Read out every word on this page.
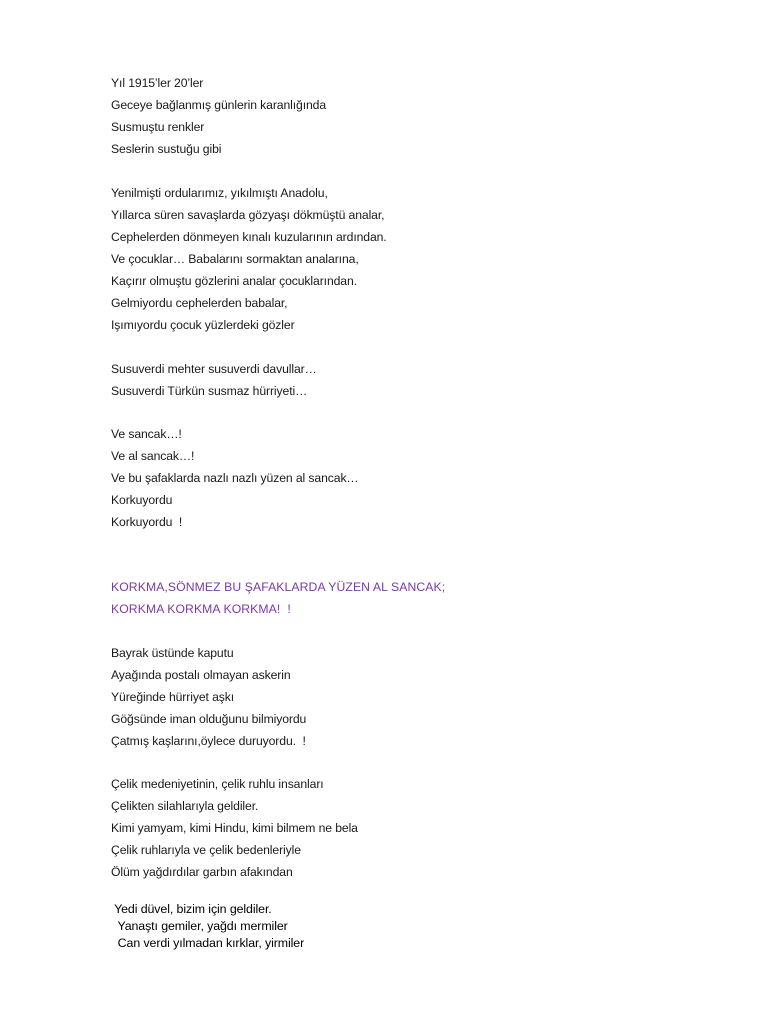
Yıl 1915’ler 20’ler
Geceye bağlanmış günlerin karanlığında
Susmuştu renkler
Seslerin sustuğu gibi
Yenilmişti ordularımız, yıkılmıştı Anadolu,
Yıllarca süren savaşlarda gözyaşı dökmüştü analar,
Cephelerden dönmeyen kınalı kuzularının ardından.
Ve çocuklar… Babalarını sormaktan analarına,
Kaçırır olmuştu gözlerini analar çocuklarından.
Gelmiyordu cephelerden babalar,
Işımıyordu çocuk yüzlerdeki gözler
Susuverdi mehter susuverdi davullar…
Susuverdi Türkün susmaz hürriyeti…
Ve sancak…!
Ve al sancak…!
Ve bu şafaklarda nazlı nazlı yüzen al sancak…
Korkuyordu
Korkuyordu  !
KORKMA,SÖNMEZ BU ŞAFAKLARDA YÜZEN AL SANCAK;
KORKMA KORKMA KORKMA!  !
Bayrak üstünde kaputu
Ayağında postalı olmayan askerin
Yüreğinde hürriyet aşkı
Göğsünde iman olduğunu bilmiyordu
Çatmış kaşlarını,öylece duruyordu.  !
Çelik medeniyetinin, çelik ruhlu insanları
Çelikten silahlarıyla geldiler.
Kimi yamyam, kimi Hindu, kimi bilmem ne bela
Çelik ruhlarıyla ve çelik bedenleriyle
Ölüm yağdırdılar garbın afakından
Yedi düvel, bizim için geldiler.
Yanaştı gemiler, yağdı mermiler
Can verdi yılmadan kırklar, yirmiler
